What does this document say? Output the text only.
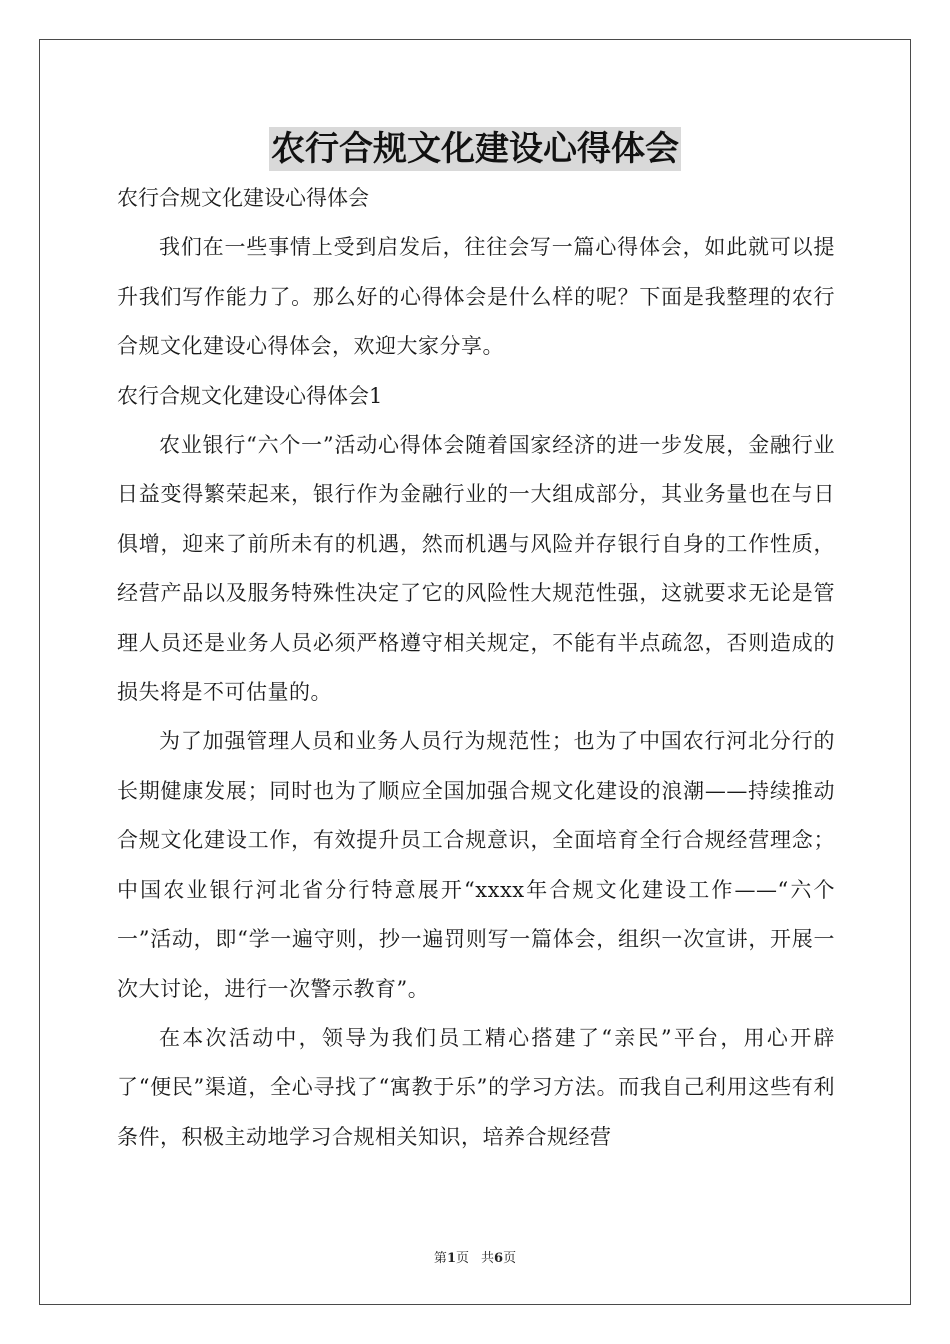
农行合规文化建设心得体会

农行合规文化建设心得体会

我们在一些事情上受到启发后，往往会写一篇心得体会，如此就可以提升我们写作能力了。那么好的心得体会是什么样的呢？下面是我整理的农行合规文化建设心得体会，欢迎大家分享。

农行合规文化建设心得体会1

农业银行“六个一”活动心得体会随着国家经济的进一步发展，金融行业日益变得繁荣起来，银行作为金融行业的一大组成部分，其业务量也在与日俱增，迎来了前所未有的机遇，然而机遇与风险并存银行自身的工作性质，经营产品以及服务特殊性决定了它的风险性大规范性强，这就要求无论是管理人员还是业务人员必须严格遵守相关规定，不能有半点疏忽，否则造成的损失将是不可估量的。

为了加强管理人员和业务人员行为规范性；也为了中国农行河北分行的长期健康发展；同时也为了顺应全国加强合规文化建设的浪潮——持续推动合规文化建设工作，有效提升员工合规意识，全面培育全行合规经营理念；中国农业银行河北省分行特意展开“xxxx年合规文化建设工作——“六个一”活动，即“学一遍守则，抄一遍罚则写一篇体会，组织一次宣讲，开展一次大讨论，进行一次警示教育”。

在本次活动中，领导为我们员工精心搭建了“亲民”平台，用心开辟了“便民”渠道，全心寻找了“寓教于乐”的学习方法。而我自己利用这些有利条件，积极主动地学习合规相关知识，培养合规经营

第1页 共6页
